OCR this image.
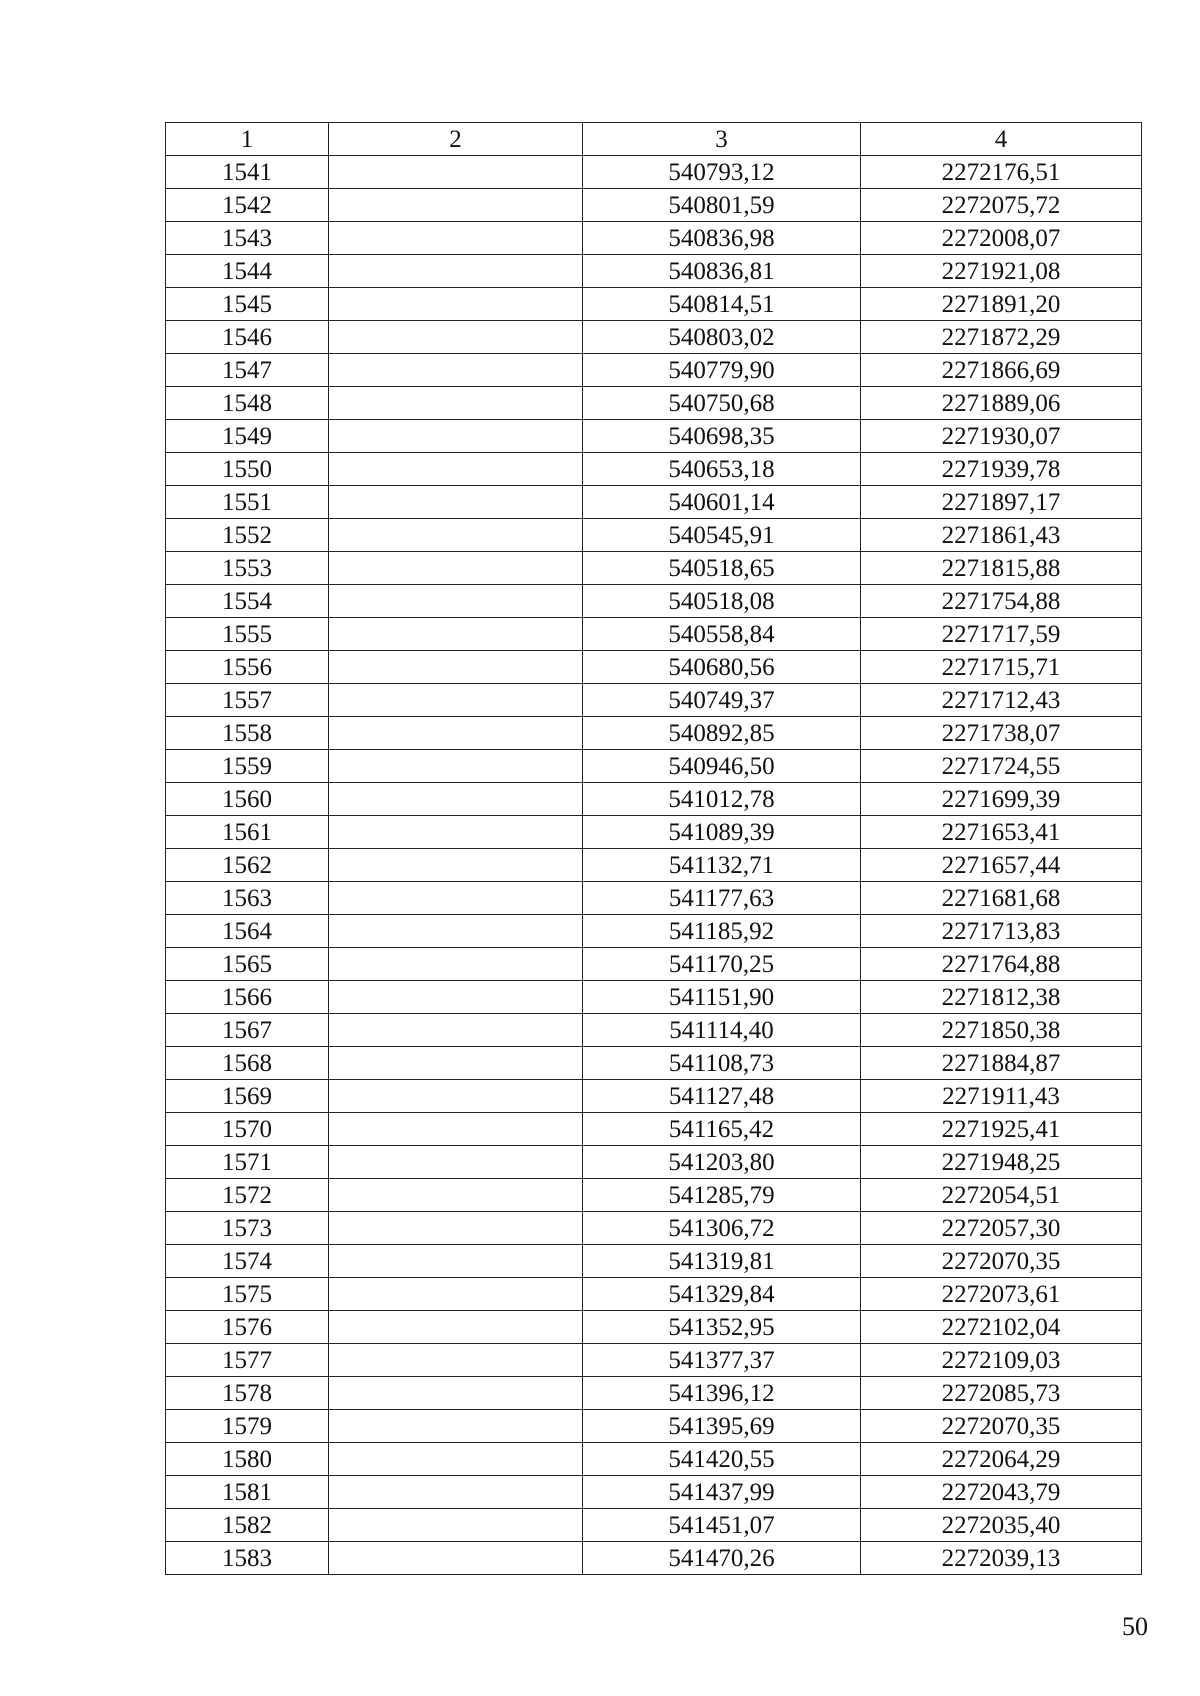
1	2	3	4
1541		540793,12	2272176,51
1542		540801,59	2272075,72
1543		540836,98	2272008,07
1544		540836,81	2271921,08
1545		540814,51	2271891,20
1546		540803,02	2271872,29
1547		540779,90	2271866,69
1548		540750,68	2271889,06
1549		540698,35	2271930,07
1550		540653,18	2271939,78
1551		540601,14	2271897,17
1552		540545,91	2271861,43
1553		540518,65	2271815,88
1554		540518,08	2271754,88
1555		540558,84	2271717,59
1556		540680,56	2271715,71
1557		540749,37	2271712,43
1558		540892,85	2271738,07
1559		540946,50	2271724,55
1560		541012,78	2271699,39
1561		541089,39	2271653,41
1562		541132,71	2271657,44
1563		541177,63	2271681,68
1564		541185,92	2271713,83
1565		541170,25	2271764,88
1566		541151,90	2271812,38
1567		541114,40	2271850,38
1568		541108,73	2271884,87
1569		541127,48	2271911,43
1570		541165,42	2271925,41
1571		541203,80	2271948,25
1572		541285,79	2272054,51
1573		541306,72	2272057,30
1574		541319,81	2272070,35
1575		541329,84	2272073,61
1576		541352,95	2272102,04
1577		541377,37	2272109,03
1578		541396,12	2272085,73
1579		541395,69	2272070,35
1580		541420,55	2272064,29
1581		541437,99	2272043,79
1582		541451,07	2272035,40
1583		541470,26	2272039,13
50
